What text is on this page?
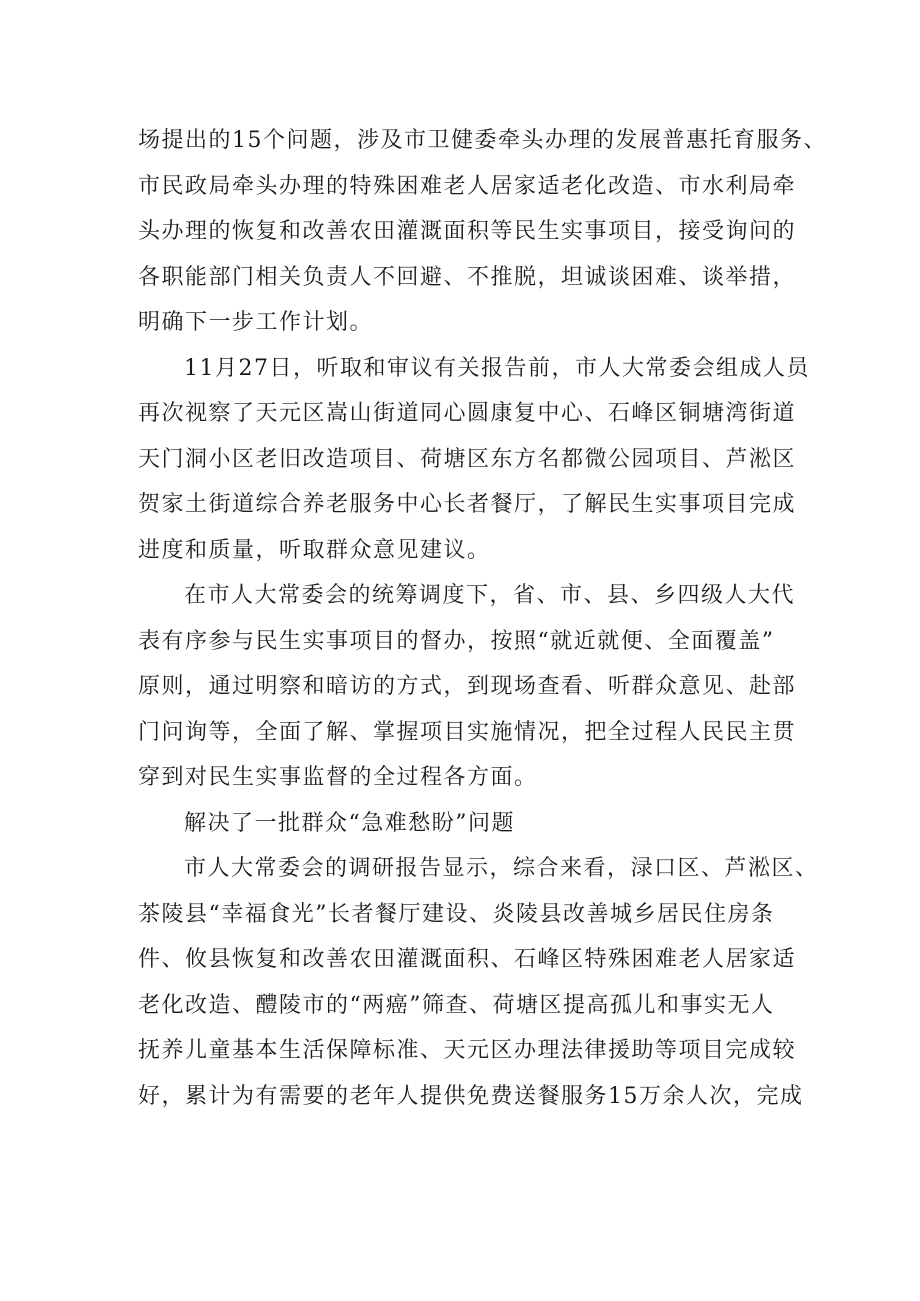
场提出的15个问题，涉及市卫健委牵头办理的发展普惠托育服务、
市民政局牵头办理的特殊困难老人居家适老化改造、市水利局牵
头办理的恢复和改善农田灌溉面积等民生实事项目，接受询问的
各职能部门相关负责人不回避、不推脱，坦诚谈困难、谈举措，
明确下一步工作计划。
11月27日，听取和审议有关报告前，市人大常委会组成人员
再次视察了天元区嵩山街道同心圆康复中心、石峰区铜塘湾街道
天门洞小区老旧改造项目、荷塘区东方名都微公园项目、芦淞区
贺家土街道综合养老服务中心长者餐厅，了解民生实事项目完成
进度和质量，听取群众意见建议。
在市人大常委会的统筹调度下，省、市、县、乡四级人大代
表有序参与民生实事项目的督办，按照“就近就便、全面覆盖”
原则，通过明察和暗访的方式，到现场查看、听群众意见、赴部
门问询等，全面了解、掌握项目实施情况，把全过程人民民主贯
穿到对民生实事监督的全过程各方面。
解决了一批群众“急难愁盼”问题
市人大常委会的调研报告显示，综合来看，渌口区、芦淞区、
茶陵县“幸福食光”长者餐厅建设、炎陵县改善城乡居民住房条
件、攸县恢复和改善农田灌溉面积、石峰区特殊困难老人居家适
老化改造、醴陵市的“两癌”筛查、荷塘区提高孤儿和事实无人
抚养儿童基本生活保障标准、天元区办理法律援助等项目完成较
好，累计为有需要的老年人提供免费送餐服务15万余人次，完成
